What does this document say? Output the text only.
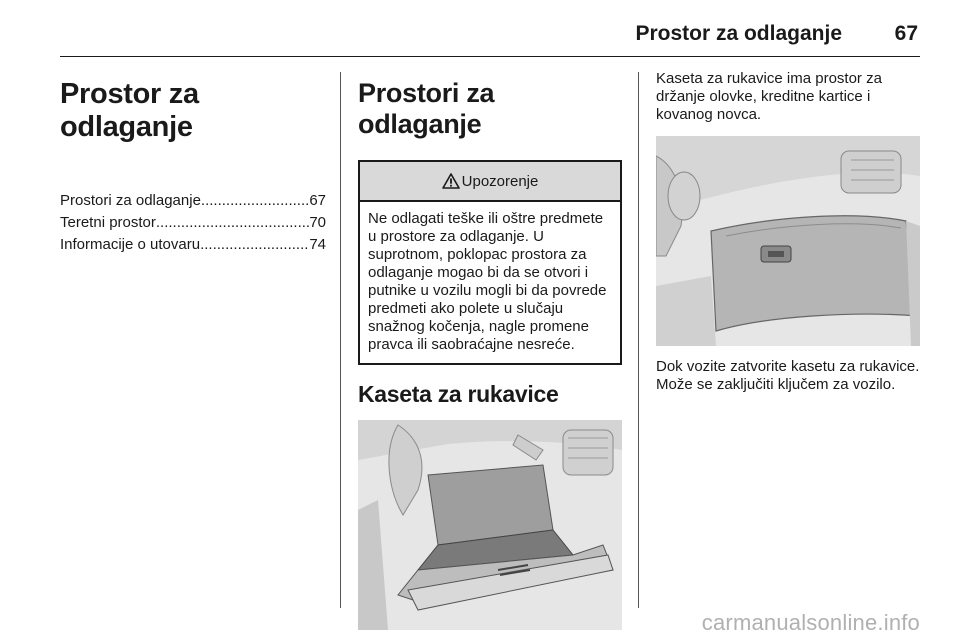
Prostor za odlaganje	67
Prostor za odlaganje
Prostori za odlaganje .....	67
Teretni prostor .....	70
Informacije o utovaru .....	74
Prostori za odlaganje
Upozorenje
Ne odlagati teške ili oštre predmete u prostore za odlaganje. U suprotnom, poklopac prostora za odlaganje mogao bi da se otvori i putnike u vozilu mogli bi da povrede predmeti ako polete u slučaju snažnog kočenja, nagle promene pravca ili saobraćajne nesreće.
Kaseta za rukavice

Kaseta za rukavice ima prostor za držanje olovke, kreditne kartice i kovanog novca.

Dok vozite zatvorite kasetu za rukavice. Može se zaključiti ključem za vozilo.

carmanualsonline.info
